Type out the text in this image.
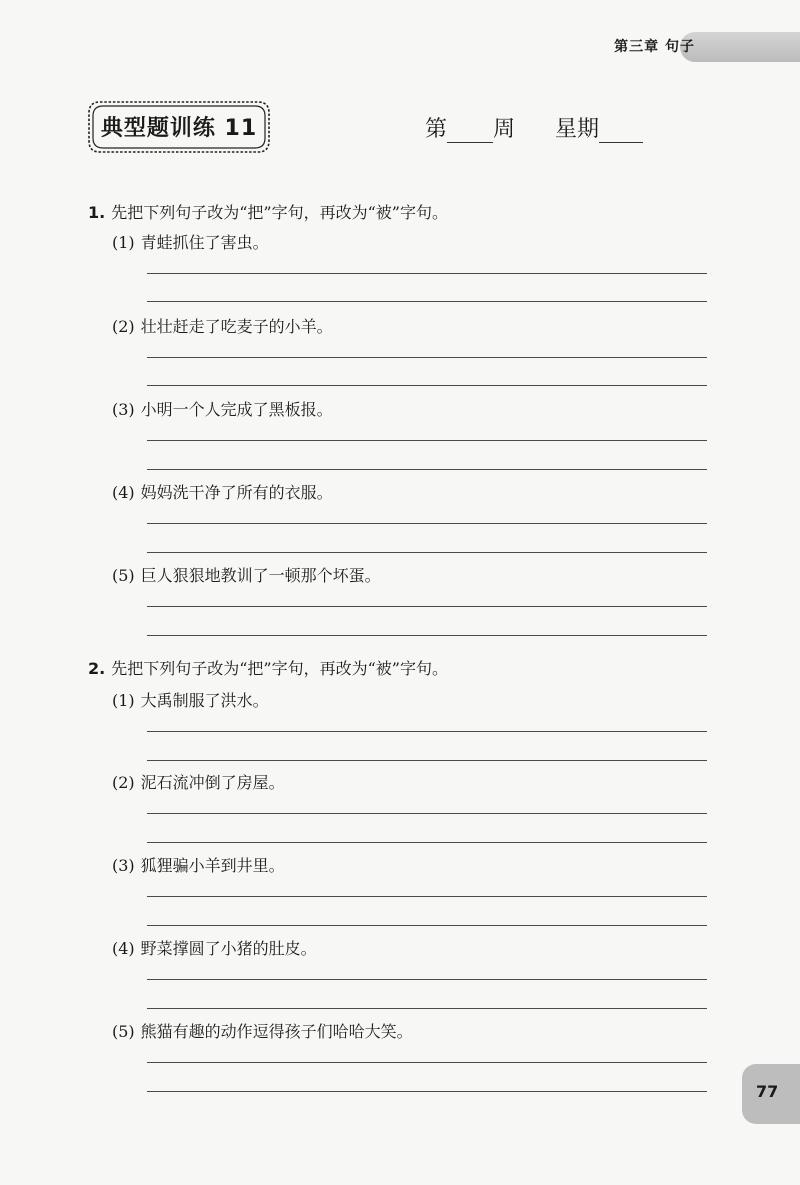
第三章 句子
典型题训练 11	第 周 星期
1. 先把下列句子改为“把”字句，再改为“被”字句。
(1) 青蛙抓住了害虫。
(2) 壮壮赶走了吃麦子的小羊。
(3) 小明一个人完成了黑板报。
(4) 妈妈洗干净了所有的衣服。
(5) 巨人狠狠地教训了一顿那个坏蛋。
2. 先把下列句子改为“把”字句，再改为“被”字句。
(1) 大禹制服了洪水。
(2) 泥石流冲倒了房屋。
(3) 狐狸骗小羊到井里。
(4) 野菜撑圆了小猪的肚皮。
(5) 熊猫有趣的动作逗得孩子们哈哈大笑。
77
